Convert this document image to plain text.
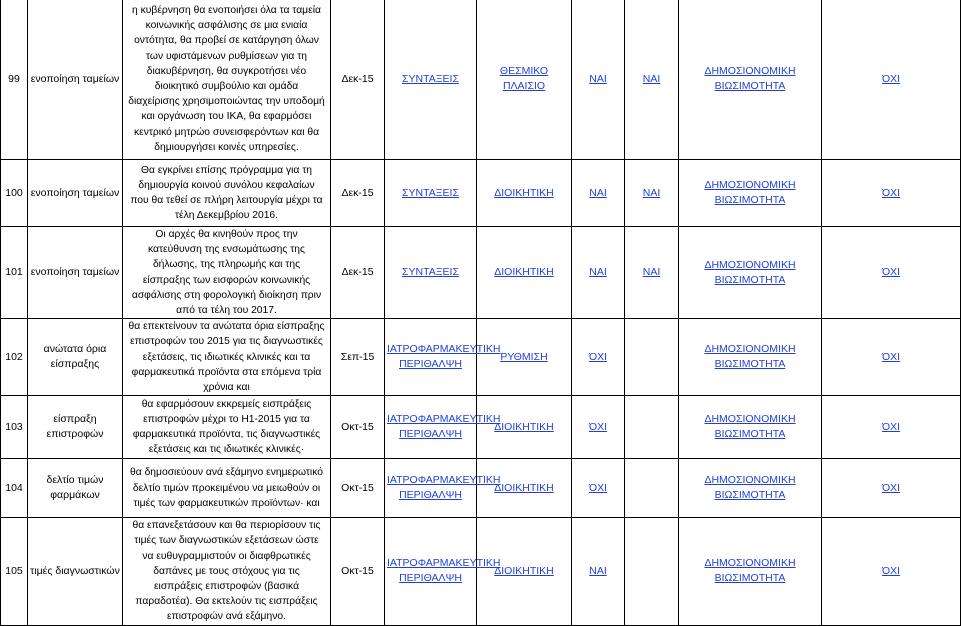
99	ενοποίηση ταμείων	η κυβέρνηση θα ενοποιήσει όλα τα ταμεία κοινωνικής ασφάλισης σε μια ενιαία οντότητα, θα προβεί σε κατάργηση όλων των υφιστάμενων ρυθμίσεων για τη διακυβέρνηση, θα συγκροτήσει νέο διοικητικό συμβούλιο και ομάδα διαχείρισης χρησιμοποιώντας την υποδομή και οργάνωση του ΙΚΑ, θα εφαρμόσει κεντρικό μητρώο συνεισφερόντων και θα δημιουργήσει κοινές υπηρεσίες.	Δεκ-15	ΣΥΝΤΑΞΕΙΣ	ΘΕΣΜΙΚΟ ΠΛΑΙΣΙΟ	ΝΑΙ	ΝΑΙ	ΔΗΜΟΣΙΟΝΟΜΙΚΗ ΒΙΩΣΙΜΟΤΗΤΑ	ΌΧΙ
100	ενοποίηση ταμείων	Θα εγκρίνει επίσης πρόγραμμα για τη δημιουργία κοινού συνόλου κεφαλαίων που θα τεθεί σε πλήρη λειτουργία μέχρι τα τέλη Δεκεμβρίου 2016.	Δεκ-15	ΣΥΝΤΑΞΕΙΣ	ΔΙΟΙΚΗΤΙΚΗ	ΝΑΙ	ΝΑΙ	ΔΗΜΟΣΙΟΝΟΜΙΚΗ ΒΙΩΣΙΜΟΤΗΤΑ	ΌΧΙ
101	ενοποίηση ταμείων	Οι αρχές θα κινηθούν προς την κατεύθυνση της ενσωμάτωσης της δήλωσης, της πληρωμής και της είσπραξης των εισφορών κοινωνικής ασφάλισης στη φορολογική διοίκηση πριν από τα τέλη του 2017.	Δεκ-15	ΣΥΝΤΑΞΕΙΣ	ΔΙΟΙΚΗΤΙΚΗ	ΝΑΙ	ΝΑΙ	ΔΗΜΟΣΙΟΝΟΜΙΚΗ ΒΙΩΣΙΜΟΤΗΤΑ	ΌΧΙ
102	ανώτατα όρια είσπραξης	θα επεκτείνουν τα ανώτατα όρια είσπραξης επιστροφών του 2015 για τις διαγνωστικές εξετάσεις, τις ιδιωτικές κλινικές και τα φαρμακευτικά προϊόντα στα επόμενα τρία χρόνια και	Σεπ-15	ΙΑΤΡΟΦΑΡΜΑΚΕΥΤΙΚΗ ΠΕΡΙΘΑΛΨΗ	ΡΥΘΜΙΣΗ	ΌΧΙ		ΔΗΜΟΣΙΟΝΟΜΙΚΗ ΒΙΩΣΙΜΟΤΗΤΑ	ΌΧΙ
103	είσπραξη επιστροφών	θα εφαρμόσουν εκκρεμείς εισπράξεις επιστροφών μέχρι το Η1-2015 για τα φαρμακευτικά προϊόντα, τις διαγνωστικές εξετάσεις και τις ιδιωτικές κλινικές·	Οκτ-15	ΙΑΤΡΟΦΑΡΜΑΚΕΥΤΙΚΗ ΠΕΡΙΘΑΛΨΗ	ΔΙΟΙΚΗΤΙΚΗ	ΌΧΙ		ΔΗΜΟΣΙΟΝΟΜΙΚΗ ΒΙΩΣΙΜΟΤΗΤΑ	ΌΧΙ
104	δελτίο τιμών φαρμάκων	θα δημοσιεύουν ανά εξάμηνο ενημερωτικό δελτίο τιμών προκειμένου να μειωθούν οι τιμές των φαρμακευτικών προϊόντων· και	Οκτ-15	ΙΑΤΡΟΦΑΡΜΑΚΕΥΤΙΚΗ ΠΕΡΙΘΑΛΨΗ	ΔΙΟΙΚΗΤΙΚΗ	ΌΧΙ		ΔΗΜΟΣΙΟΝΟΜΙΚΗ ΒΙΩΣΙΜΟΤΗΤΑ	ΌΧΙ
105	τιμές διαγνωστικών	θα επανεξετάσουν και θα περιορίσουν τις τιμές των διαγνωστικών εξετάσεων ώστε να ευθυγραμμιστούν οι διαφθρωτικές δαπάνες με τους στόχους για τις εισπράξεις επιστροφών (βασικά παραδοτέα). Θα εκτελούν τις εισπράξεις επιστροφών ανά εξάμηνο.	Οκτ-15	ΙΑΤΡΟΦΑΡΜΑΚΕΥΤΙΚΗ ΠΕΡΙΘΑΛΨΗ	ΔΙΟΙΚΗΤΙΚΗ	ΝΑΙ		ΔΗΜΟΣΙΟΝΟΜΙΚΗ ΒΙΩΣΙΜΟΤΗΤΑ	ΌΧΙ
